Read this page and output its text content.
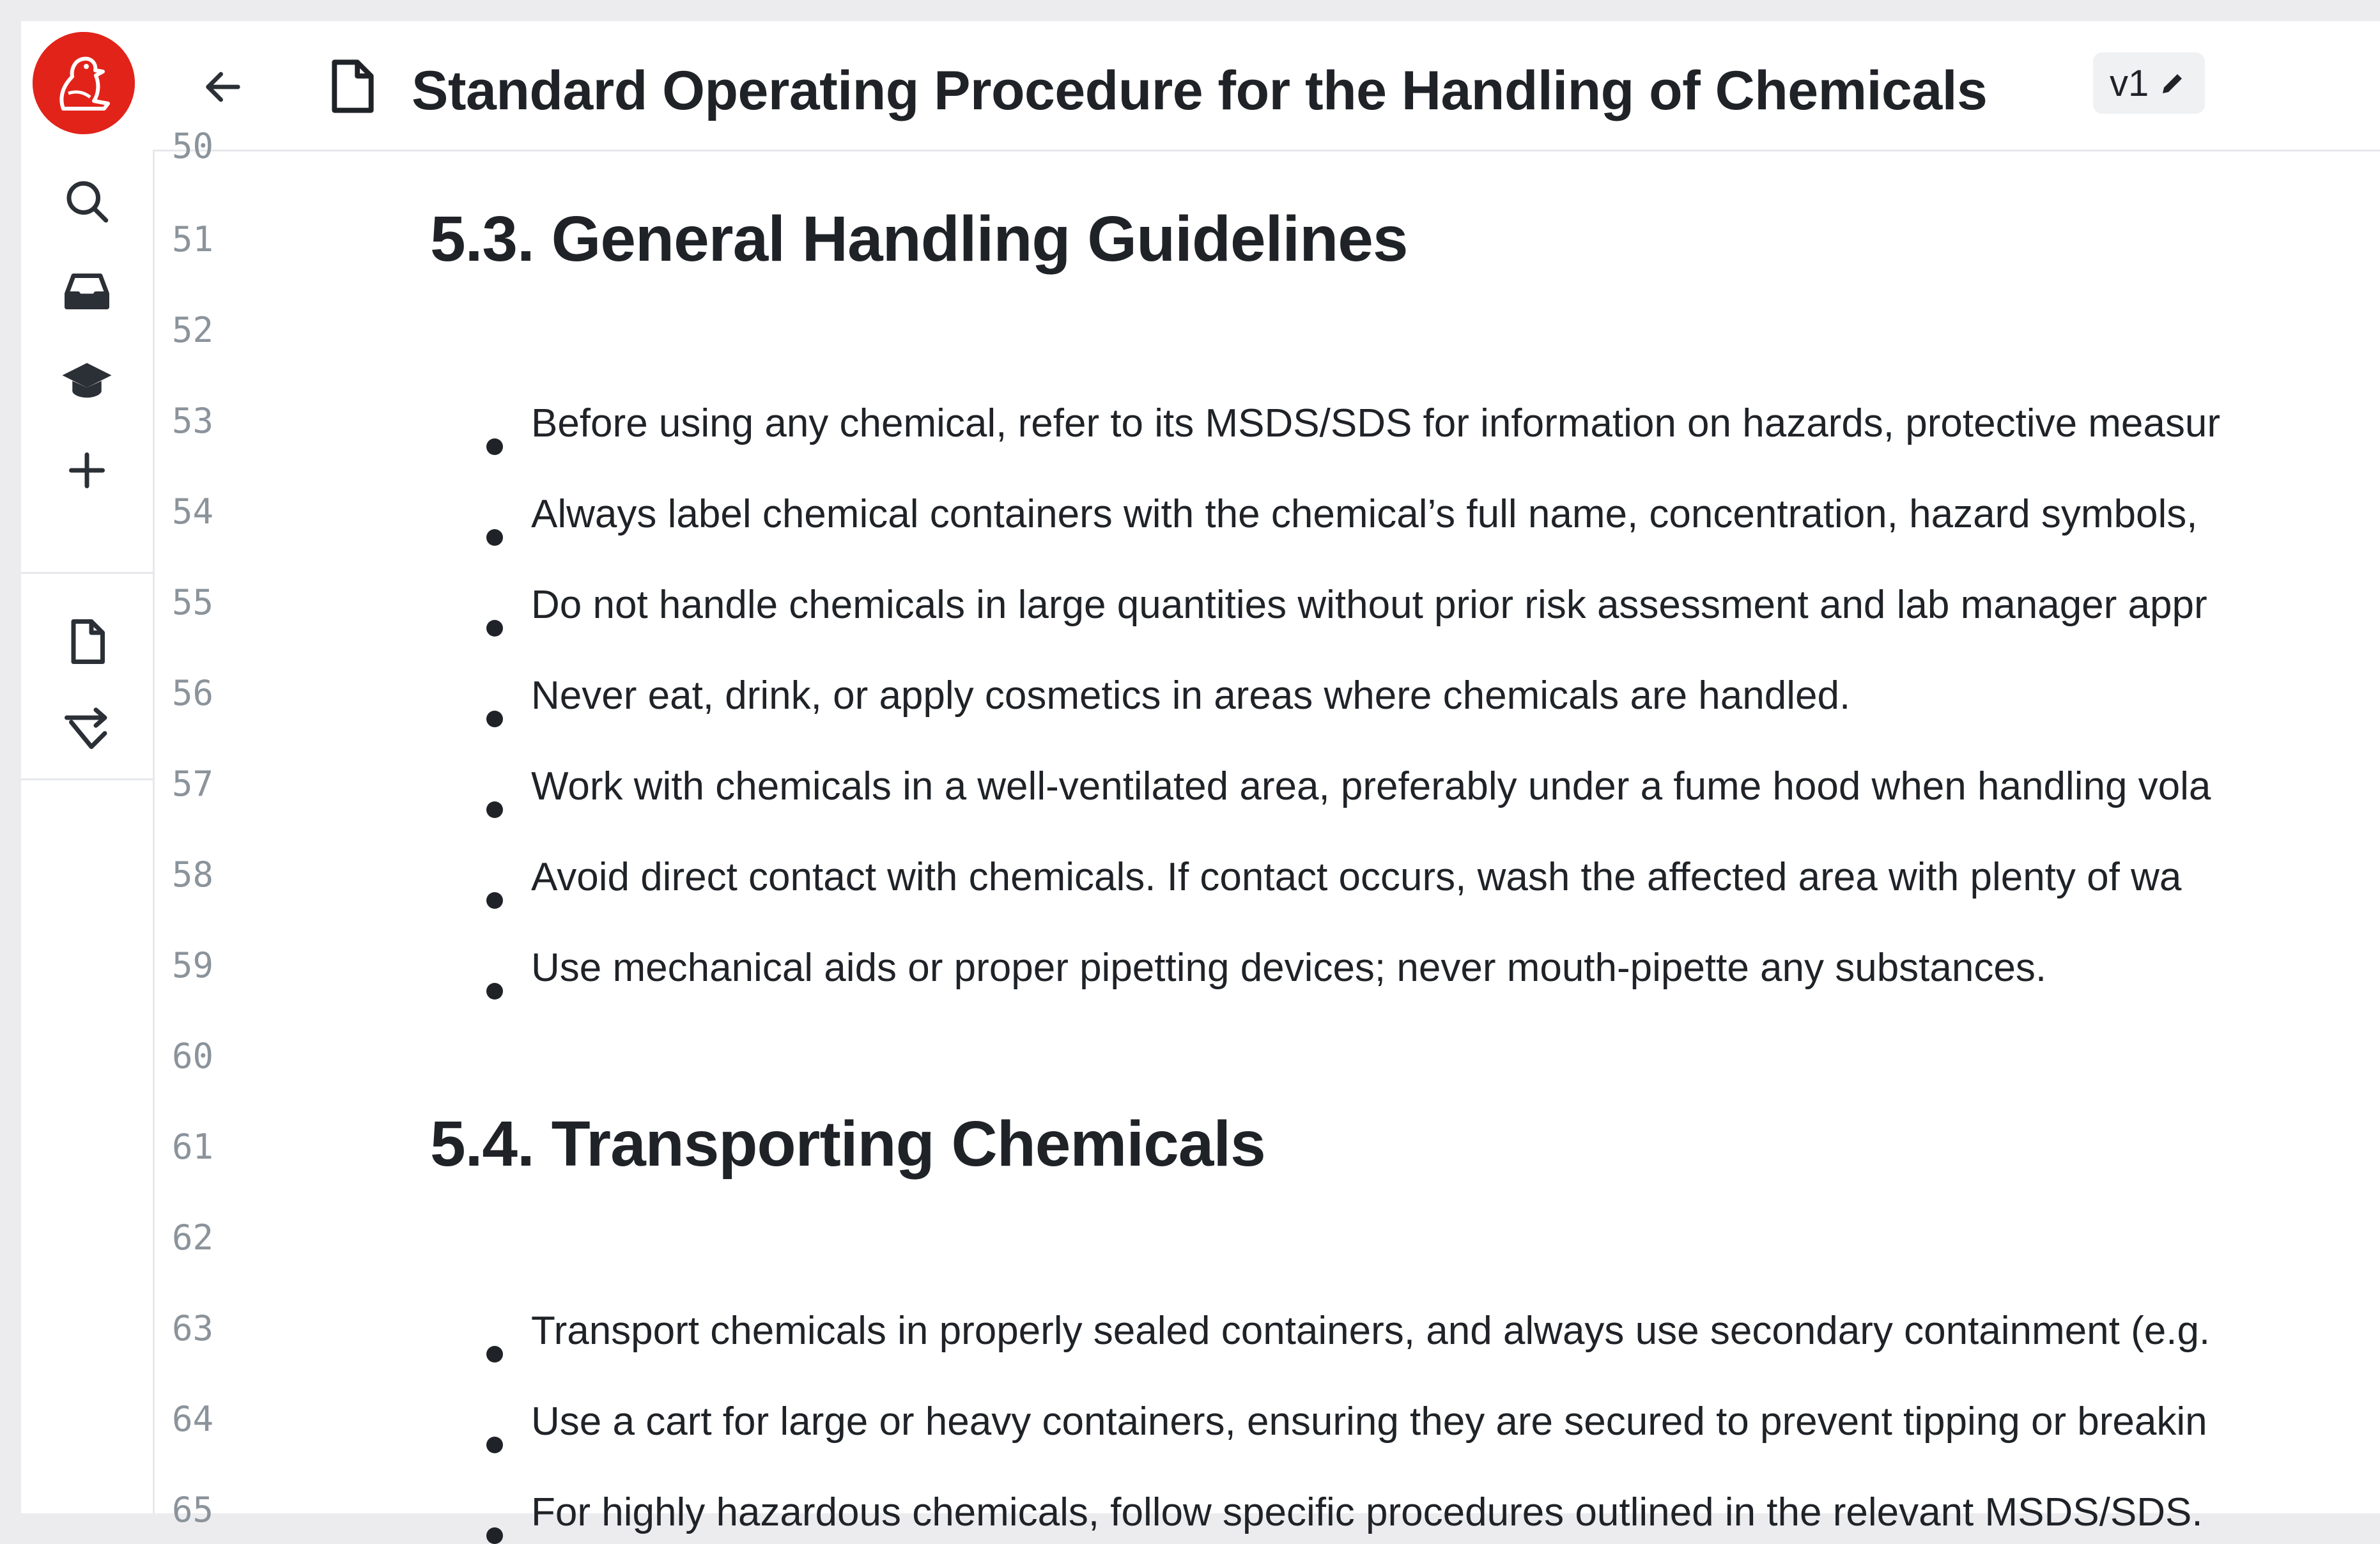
Standard Operating Procedure for the Handling of Chemicals	v1
50
51
52
53
54
55
56
57
58
59
60
61
62
63
64
65
5.3. General Handling Guidelines
Before using any chemical, refer to its MSDS/SDS for information on hazards, protective measur
Always label chemical containers with the chemical’s full name, concentration, hazard symbols,
Do not handle chemicals in large quantities without prior risk assessment and lab manager appr
Never eat, drink, or apply cosmetics in areas where chemicals are handled.
Work with chemicals in a well-ventilated area, preferably under a fume hood when handling vola
Avoid direct contact with chemicals. If contact occurs, wash the affected area with plenty of wa
Use mechanical aids or proper pipetting devices; never mouth-pipette any substances.
5.4. Transporting Chemicals
Transport chemicals in properly sealed containers, and always use secondary containment (e.g.
Use a cart for large or heavy containers, ensuring they are secured to prevent tipping or breakin
For highly hazardous chemicals, follow specific procedures outlined in the relevant MSDS/SDS.
